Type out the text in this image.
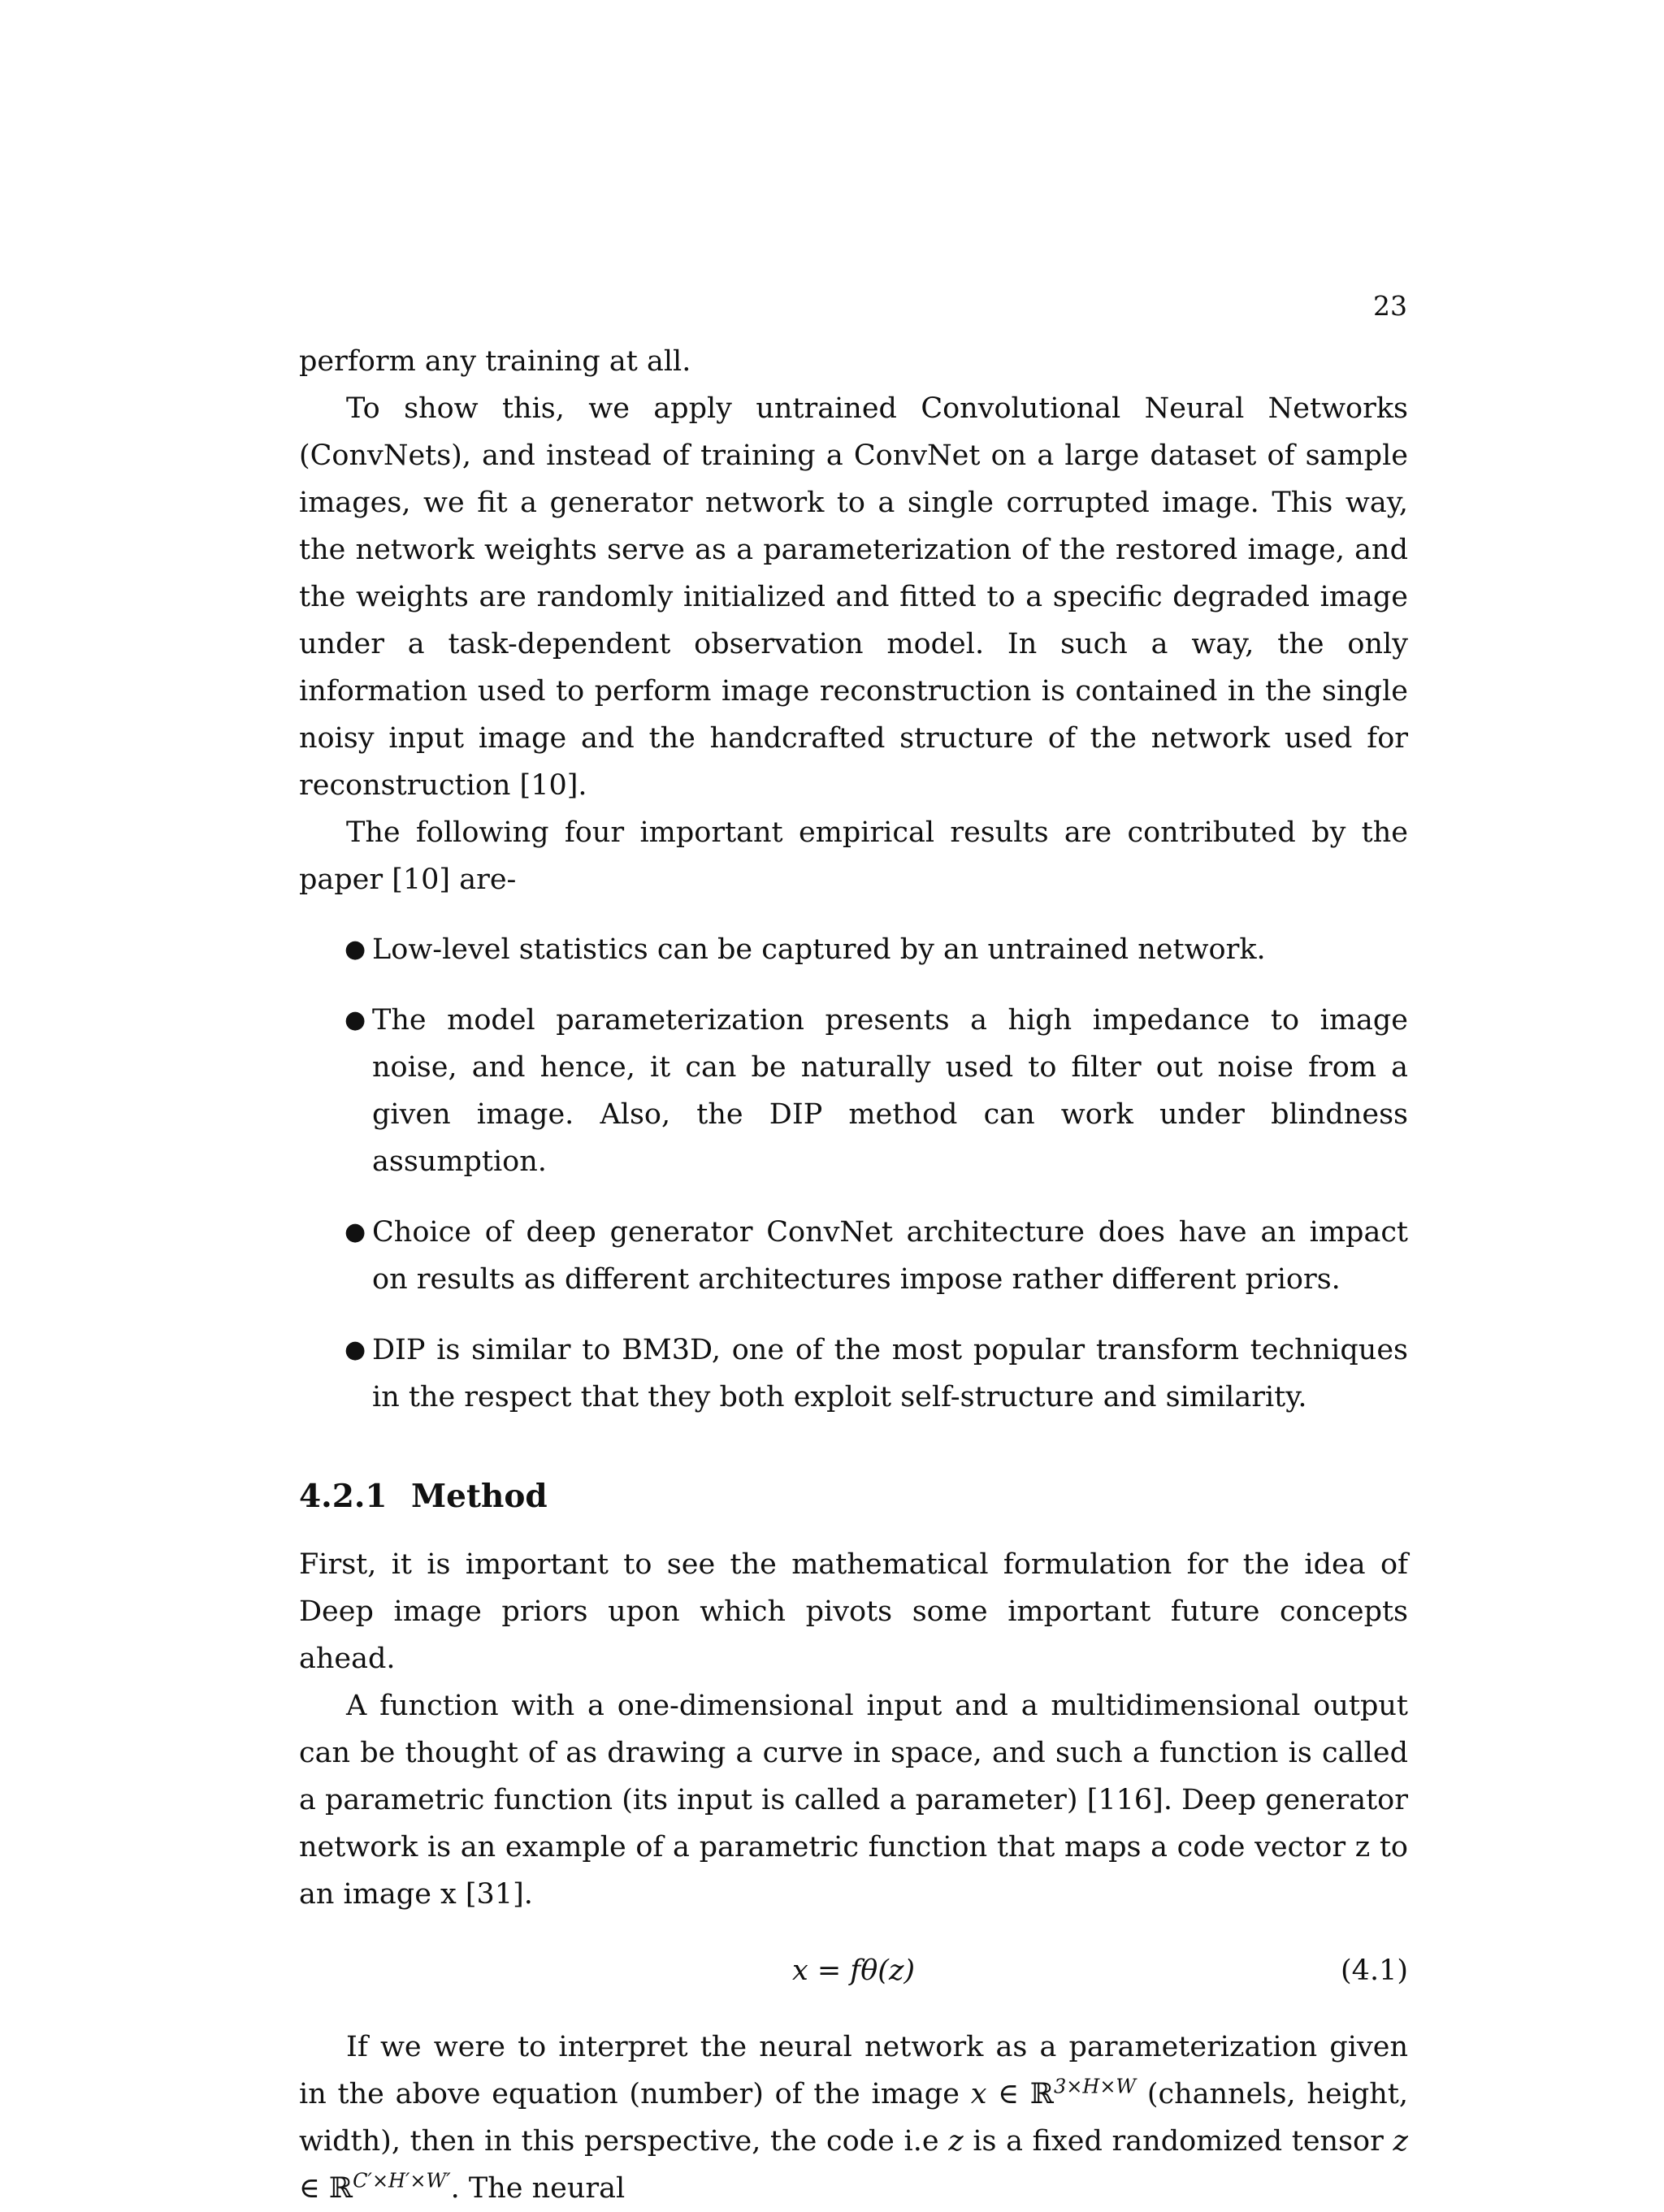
23

perform any training at all.

To show this, we apply untrained Convolutional Neural Networks (ConvNets), and instead of training a ConvNet on a large dataset of sample images, we fit a generator network to a single corrupted image. This way, the network weights serve as a parameterization of the restored image, and the weights are randomly initialized and fitted to a specific degraded image under a task-dependent observation model. In such a way, the only information used to perform image reconstruction is contained in the single noisy input image and the handcrafted structure of the network used for reconstruction [10].

The following four important empirical results are contributed by the paper [10] are-

● Low-level statistics can be captured by an untrained network.
● The model parameterization presents a high impedance to image noise, and hence, it can be naturally used to filter out noise from a given image. Also, the DIP method can work under blindness assumption.
● Choice of deep generator ConvNet architecture does have an impact on results as different architectures impose rather different priors.
● DIP is similar to BM3D, one of the most popular transform techniques in the respect that they both exploit self-structure and similarity.
4.2.1 Method

First, it is important to see the mathematical formulation for the idea of Deep image priors upon which pivots some important future concepts ahead.

A function with a one-dimensional input and a multidimensional output can be thought of as drawing a curve in space, and such a function is called a parametric function (its input is called a parameter) [116]. Deep generator network is an example of a parametric function that maps a code vector z to an image x [31].

x = fθ(z)	(4.1)

If we were to interpret the neural network as a parameterization given in the above equation (number) of the image x ∈ ℝ$^{3\times H\times W}$ (channels, height, width), then in this perspective, the code i.e z is a fixed randomized tensor z ∈ ℝ$^{C'\times H'\times W'}$. The neural
